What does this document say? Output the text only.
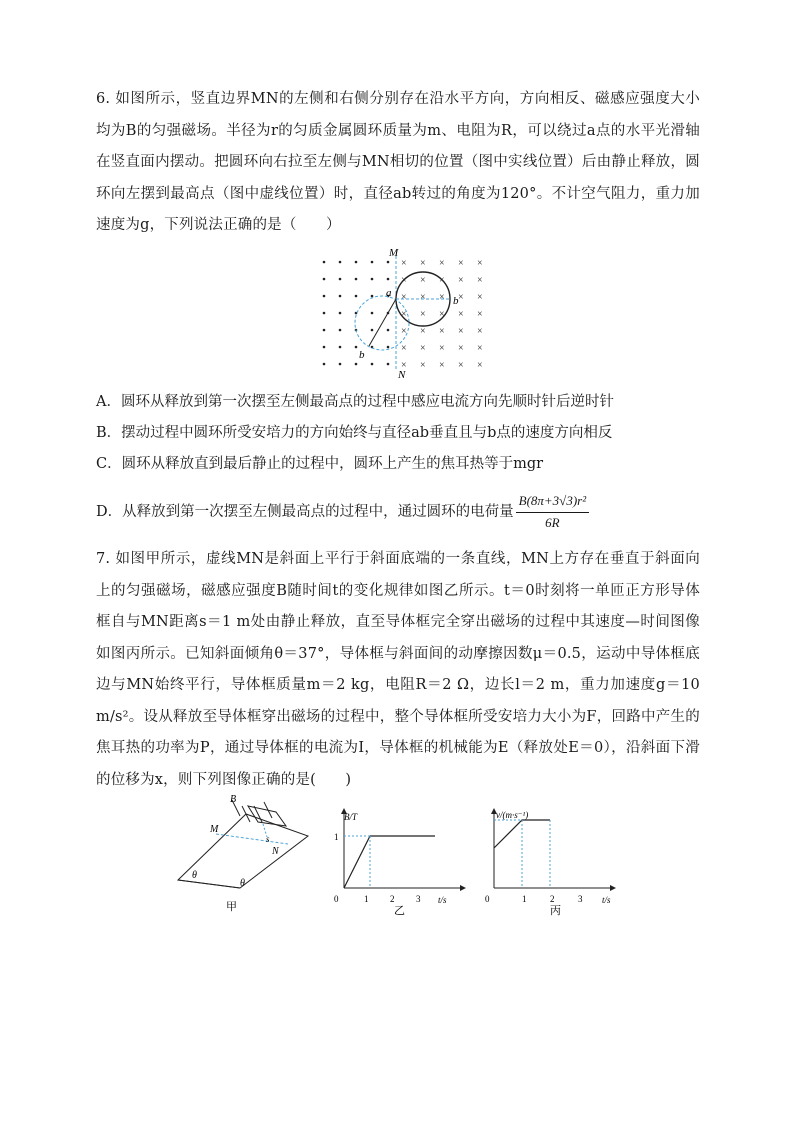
6. 如图所示，竖直边界MN的左侧和右侧分别存在沿水平方向，方向相反、磁感应强度大小均为B的匀强磁场。半径为r的匀质金属圆环质量为m、电阻为R，可以绕过a点的水平光滑轴在竖直面内摆动。把圆环向右拉至左侧与MN相切的位置（图中实线位置）后由静止释放，圆环向左摆到最高点（图中虚线位置）时，直径ab转过的角度为120°。不计空气阻力，重力加速度为g，下列说法正确的是（　　）
× × × × ×
× × × × ×
× × × × ×
× × × × ×
× × × × ×
× × × × ×
× × × × ×
M
N
a
b
b
A．圆环从释放到第一次摆至左侧最高点的过程中感应电流方向先顺时针后逆时针
B．摆动过程中圆环所受安培力的方向始终与直径ab垂直且与b点的速度方向相反
C．圆环从释放直到最后静止的过程中，圆环上产生的焦耳热等于mgr
D．从释放到第一次摆至左侧最高点的过程中，通过圆环的电荷量 $\frac{\text{B(8π+3√3)r²}}{6R}$
7. 如图甲所示，虚线MN是斜面上平行于斜面底端的一条直线，MN上方存在垂直于斜面向上的匀强磁场，磁感应强度B随时间t的变化规律如图乙所示。t＝0时刻将一单匝正方形导体框自与MN距离s＝1 m处由静止释放，直至导体框完全穿出磁场的过程中其速度—时间图像如图丙所示。已知斜面倾角θ＝37°，导体框与斜面间的动摩擦因数μ＝0.5，运动中导体框底边与MN始终平行，导体框质量m＝2 kg，电阻R＝2 Ω，边长l＝2 m，重力加速度g＝10 m/s²。设从释放至导体框穿出磁场的过程中，整个导体框所受安培力大小为F，回路中产生的焦耳热的功率为P，通过导体框的电流为I，导体框的机械能为E（释放处E＝0），沿斜面下滑的位移为x，则下列图像正确的是(　　)
B
M
N
s
θ
θ
甲
B/T
t/s
0
1
1 2 3
乙
v/(m·s⁻¹)
t/s
0	1	2	3
丙
